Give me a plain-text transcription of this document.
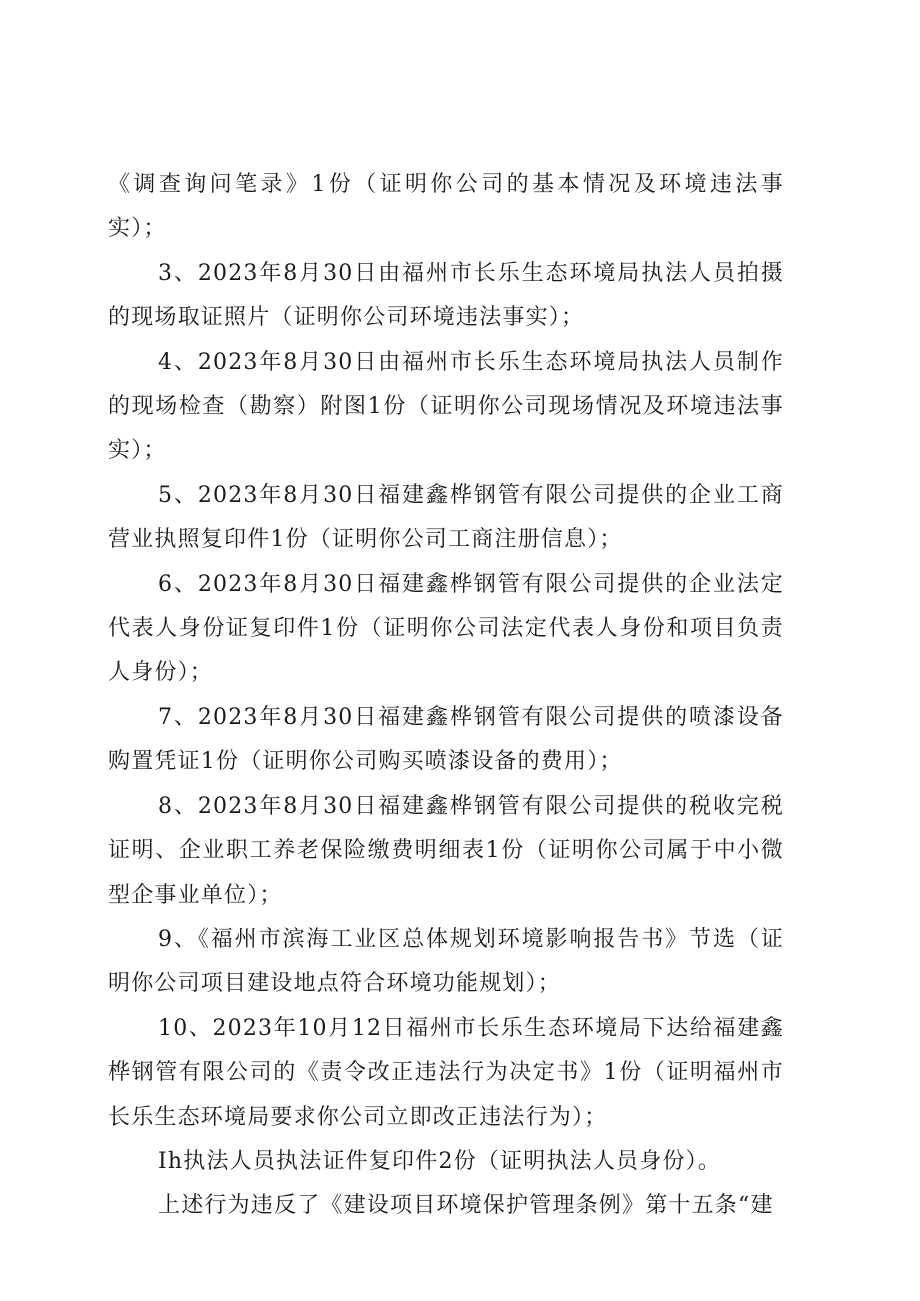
《调查询问笔录》1份（证明你公司的基本情况及环境违法事实）；

3、2023年8月30日由福州市长乐生态环境局执法人员拍摄的现场取证照片（证明你公司环境违法事实）；

4、2023年8月30日由福州市长乐生态环境局执法人员制作的现场检查（勘察）附图1份（证明你公司现场情况及环境违法事实）；

5、2023年8月30日福建鑫桦钢管有限公司提供的企业工商营业执照复印件1份（证明你公司工商注册信息）；

6、2023年8月30日福建鑫桦钢管有限公司提供的企业法定代表人身份证复印件1份（证明你公司法定代表人身份和项目负责人身份）；

7、2023年8月30日福建鑫桦钢管有限公司提供的喷漆设备购置凭证1份（证明你公司购买喷漆设备的费用）；

8、2023年8月30日福建鑫桦钢管有限公司提供的税收完税证明、企业职工养老保险缴费明细表1份（证明你公司属于中小微型企事业单位）；

9、《福州市滨海工业区总体规划环境影响报告书》节选（证明你公司项目建设地点符合环境功能规划）；

10、2023年10月12日福州市长乐生态环境局下达给福建鑫桦钢管有限公司的《责令改正违法行为决定书》1份（证明福州市长乐生态环境局要求你公司立即改正违法行为）；

Ih执法人员执法证件复印件2份（证明执法人员身份）。

上述行为违反了《建设项目环境保护管理条例》第十五条“建
